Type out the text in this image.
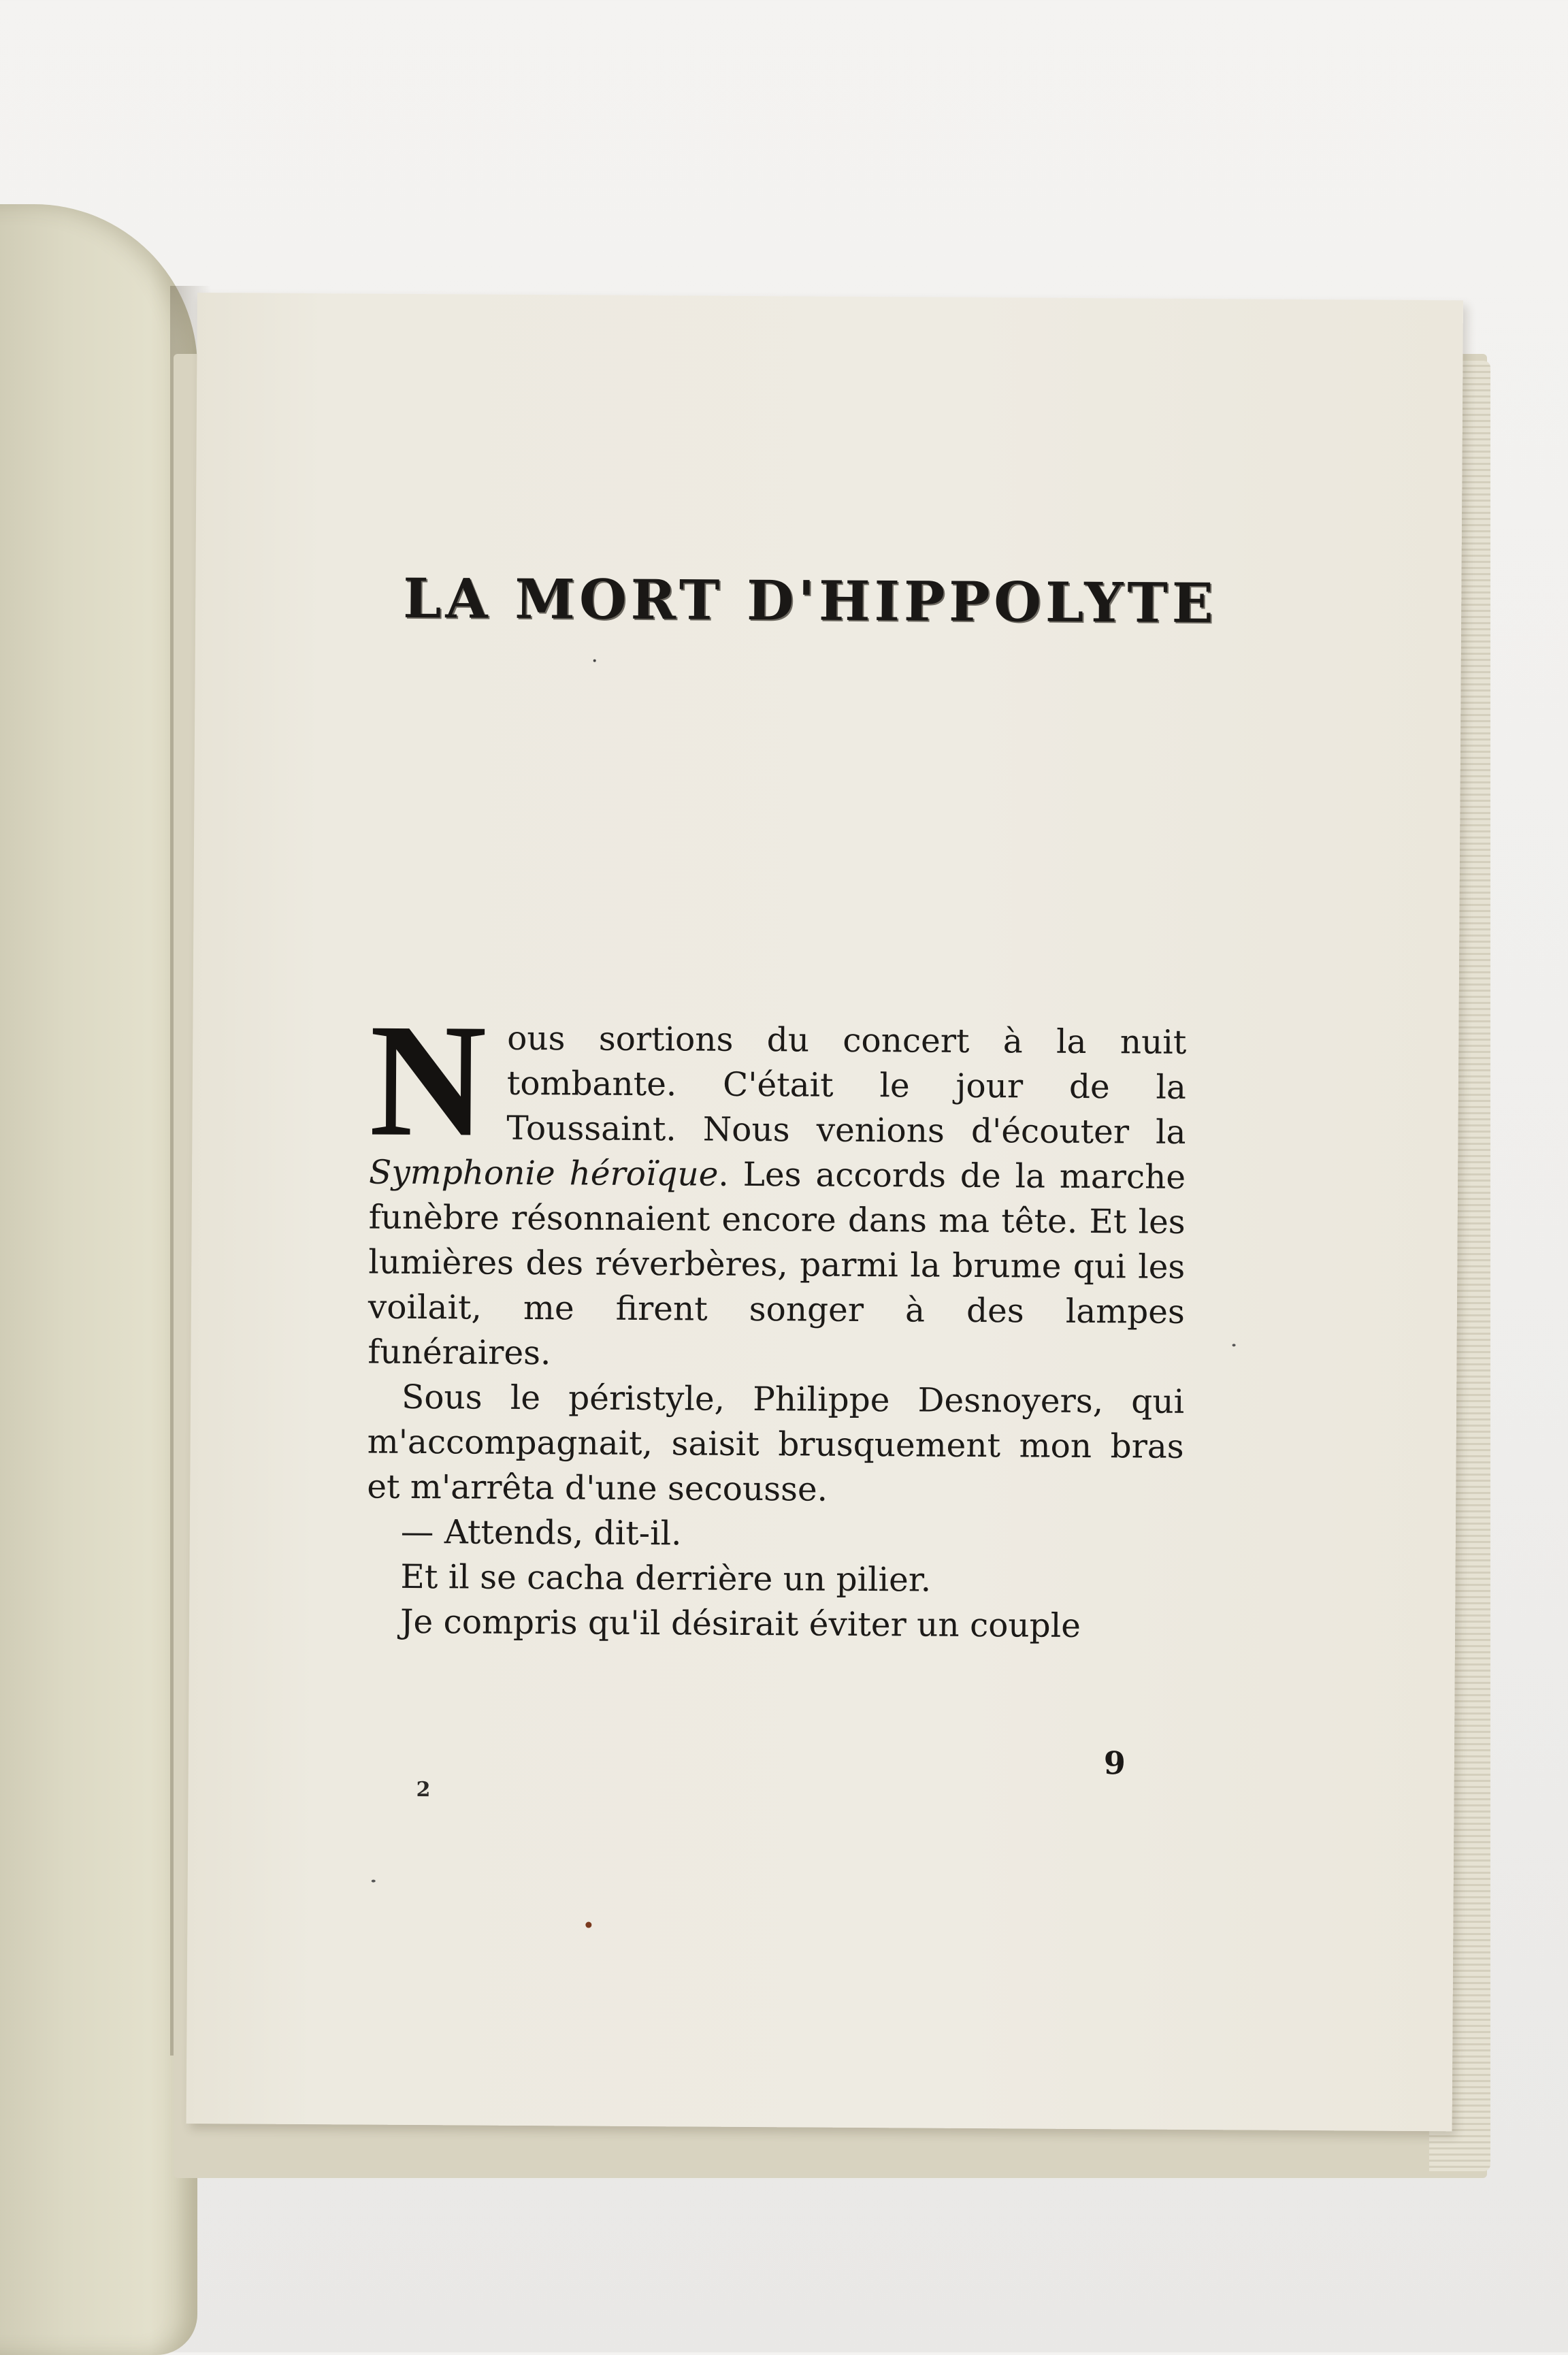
LA MORT D'HIPPOLYTE

Nous sortions du concert à la nuit tombante. C'était le jour de la Toussaint. Nous venions d'écouter la Symphonie héroïque. Les accords de la marche funèbre résonnaient encore dans ma tête. Et les lumières des réverbères, parmi la brume qui les voilait, me firent songer à des lampes funéraires.

Sous le péristyle, Philippe Desnoyers, qui m'accompagnait, saisit brusquement mon bras et m'arrêta d'une secousse.

— Attends, dit-il.

Et il se cacha derrière un pilier.

Je compris qu'il désirait éviter un couple

9
2
